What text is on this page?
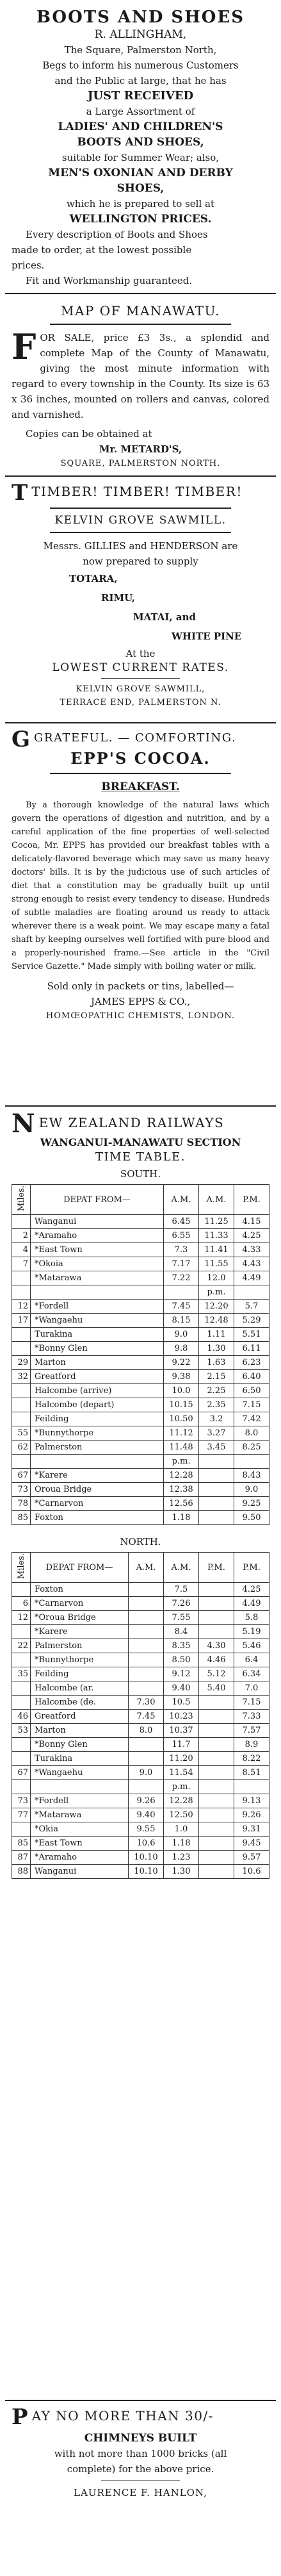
BOOTS AND SHOES
R. ALLINGHAM,
The Square, Palmerston North,
Begs to inform his numerous Customers
and the Public at large, that he has
JUST RECEIVED
a Large Assortment of
LADIES' AND CHILDREN'S
BOOTS AND SHOES,
suitable for Summer Wear; also,
MEN'S OXONIAN AND DERBY
SHOES,
which he is prepared to sell at
WELLINGTON PRICES.
Every description of Boots and Shoes
made to order, at the lowest possible
prices.
Fit and Workmanship guaranteed.
MAP OF MANAWATU.
FOR SALE, price £3 3s., a splendid and complete Map of the County of Manawatu, giving the most minute information with regard to every township in the County. Its size is 63 x 36 inches, mounted on rollers and canvas, colored and varnished.
Copies can be obtained at
Mr. METARD'S,
SQUARE, PALMERSTON NORTH.
T TIMBER! TIMBER! TIMBER!
KELVIN GROVE SAWMILL.
Messrs. GILLIES and HENDERSON are
now prepared to supply
TOTARA,
RIMU,
MATAI, and
WHITE PINE
At the
LOWEST CURRENT RATES.
KELVIN GROVE SAWMILL,
TERRACE END, PALMERSTON N.
G GRATEFUL. — COMFORTING.
EPP'S COCOA.
BREAKFAST.
By a thorough knowledge of the natural laws which govern the operations of digestion and nutrition, and by a careful application of the fine properties of well-selected Cocoa, Mr. EPPS has provided our breakfast tables with a delicately-flavored beverage which may save us many heavy doctors' bills. It is by the judicious use of such articles of diet that a constitution may be gradually built up until strong enough to resist every tendency to disease. Hundreds of subtle maladies are floating around us ready to attack wherever there is a weak point. We may escape many a fatal shaft by keeping ourselves well fortified with pure blood and a properly-nourished frame.—See article in the "Civil Service Gazette." Made simply with boiling water or milk.
Sold only in packets or tins, labelled—
JAMES EPPS & CO.,
HOMŒOPATHIC CHEMISTS, LONDON.
N EW ZEALAND RAILWAYS
WANGANUI-MANAWATU SECTION
TIME TABLE.
SOUTH.
Miles.	DEPAT FROM—	A.M.	A.M.	P.M.
	Wanganui	6.45	11.25	4.15
2	*Aramaho	6.55	11.33	4.25
4	*East Town	7.3	11.41	4.33
7	*Okoia	7.17	11.55	4.43
	*Matarawa	7.22	12.0	4.49
			p.m.	
12	*Fordell	7.45	12.20	5.7
17	*Wangaehu	8.15	12.48	5.29
	Turakina	9.0	1.11	5.51
	*Bonny Glen	9.8	1.30	6.11
29	Marton	9.22	1.63	6.23
32	Greatford	9.38	2.15	6.40
	Halcombe (arrive)	10.0	2.25	6.50
	Halcombe (depart)	10.15	2.35	7.15
	Feilding	10.50	3.2	7.42
55	*Bunnythorpe	11.12	3.27	8.0
62	Palmerston	11.48	3.45	8.25
		p.m.		
67	*Karere	12.28		8.43
73	Oroua Bridge	12.38		9.0
78	*Carnarvon	12.56		9.25
85	Foxton	1.18		9.50
NORTH.
Miles.	DEPAT FROM—	A.M.	A.M.	P.M.	P.M.
	Foxton		7.5		4.25
6	*Carnarvon		7.26		4.49
12	*Oroua Bridge		7.55		5.8
	*Karere		8.4		5.19
22	Palmerston		8.35	4.30	5.46
	*Bunnythorpe		8.50	4.46	6.4
35	Feilding		9.12	5.12	6.34
	Halcombe (ar.		9.40	5.40	7.0
	Halcombe (de.	7.30	10.5		7.15
46	Greatford	7.45	10.23		7.33
53	Marton	8.0	10.37		7.57
	*Bonny Glen		11.7		8.9
	Turakina		11.20		8.22
67	*Wangaehu	9.0	11.54		8.51
			p.m.		
73	*Fordell	9.26	12.28		9.13
77	*Matarawa	9.40	12.50		9.26
	*Okia	9.55	1.0		9.31
85	*East Town	10.6	1.18		9.45
87	*Aramaho	10.10	1.23		9.57
88	Wanganui	10.10	1.30		10.6
P AY NO MORE THAN 30/-
CHIMNEYS BUILT
with not more than 1000 bricks (all
complete) for the above price.
LAURENCE F. HANLON,
